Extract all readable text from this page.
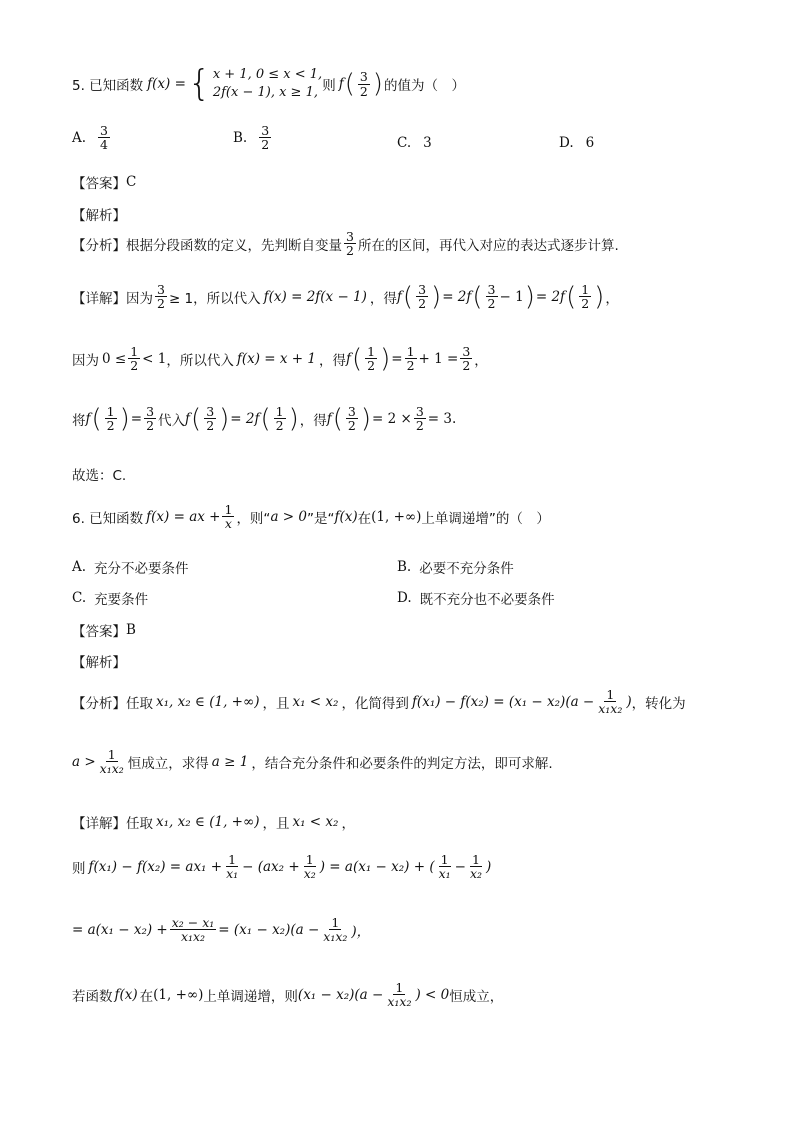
5. 已知函数 f(x) = { x + 1, 0 ≤ x < 1,
2f(x − 1), x ≥ 1, 则 f ( $\frac{3}{2}$ ) 的值为（　）
A. $\frac{3}{4}$	B. $\frac{3}{2}$	C. 3	D. 6
【答案】 C
【解析】
【分析】 根据分段函数的定义，先判断自变量 $\frac{3}{2}$ 所在的区间，再代入对应的表达式逐步计算.
【详解】 因为 $\frac{3}{2} \ge 1$，所以代入 f(x) = 2f(x − 1) ，得 f ( $\frac{3}{2}$ ) = 2f ( $\frac{3}{2} - 1$ ) = 2f ( $\frac{1}{2}$ ) ，
因为 $0 \le \frac{1}{2} < 1$ ，所以代入 f(x) = x + 1 ，得 f ( $\frac{1}{2}$ ) = $\frac{1}{2} + 1 = \frac{3}{2}$ ，
将 f ( $\frac{1}{2}$ ) = $\frac{3}{2}$ 代入 f ( $\frac{3}{2}$ ) = 2f ( $\frac{1}{2}$ ) ，得 f ( $\frac{3}{2}$ ) = $2 \times \frac{3}{2} = 3$.
故选：C.
6. 已知函数 f(x) = ax + $\frac{1}{x}$ ，则“ a > 0 ”是“ f(x) 在 (1, +∞) 上单调递增”的（　）
A. 充分不必要条件	B. 必要不充分条件
C. 充要条件	D. 既不充分也不必要条件
【答案】 B
【解析】
【分析】 任取 x₁, x₂ ∈ (1, +∞) ，且 x₁ < x₂ ，化简得到 $f(x_1) - f(x_2) = (x_1 - x_2)(a - \frac{1}{\text{x₁x₂}}$ ) ，转化为
$a > \frac{1}{\text{x₁x₂}}$ 恒成立，求得 a ≥ 1 ，结合充分条件和必要条件的判定方法，即可求解.
【详解】 任取 x₁, x₂ ∈ (1, +∞) ，且 x₁ < x₂ ，
则 $f(x_1) - f(x_2) = ax_1 + \frac{1}{\text{x₁}} - (ax_2 + \frac{1}{\text{x₂}}$ ) = a(x₁ − x₂) + ( $\frac{1}{\text{x₁}} - \frac{1}{\text{x₂}}$ )
= $a(x_1 - x_2) + \frac{\text{x₂ − x₁}}{\text{x₁x₂}} = (x_1 - x_2)(a - \frac{1}{\text{x₁x₂}}$ )，
若函数 f(x) 在 (1, +∞) 上单调递增，则 $(x_1 - x_2)(a - \frac{1}{\text{x₁x₂}}$ ) < 0 恒成立，
